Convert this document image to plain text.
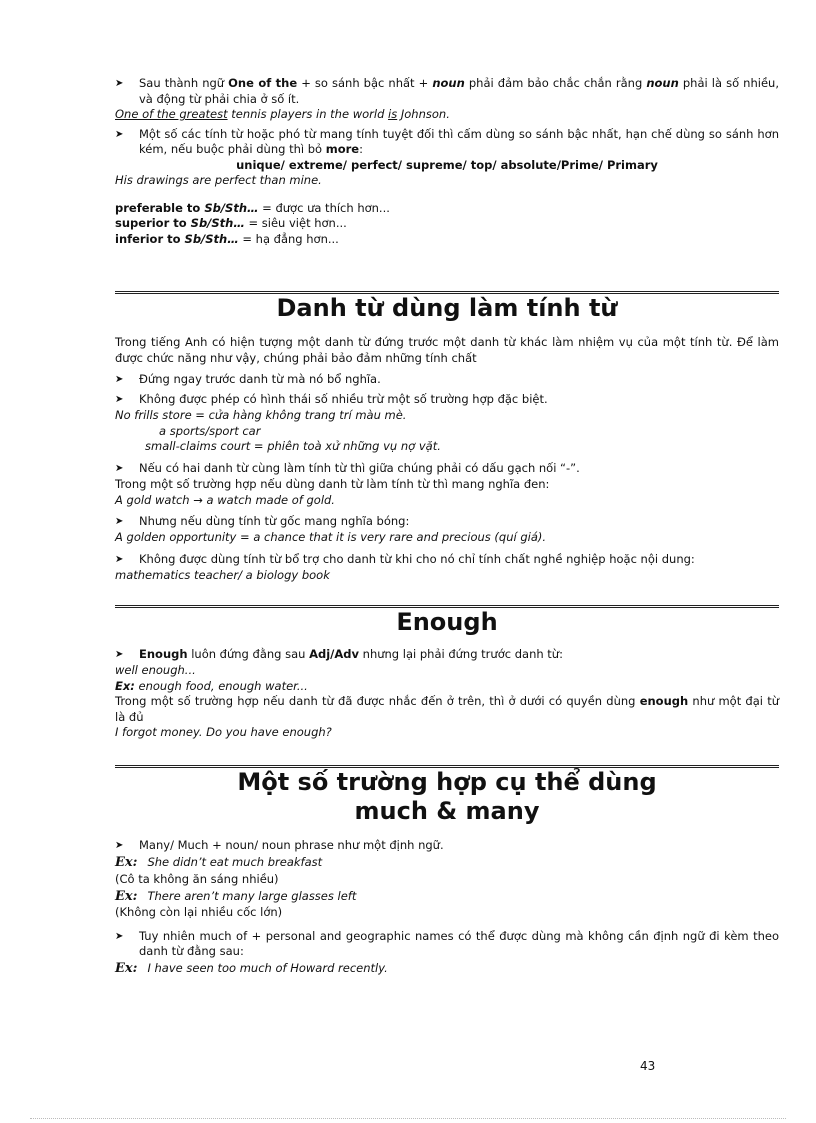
➤	Sau thành ngữ One of the + so sánh bậc nhất + noun phải đảm bảo chắc chắn rằng noun phải là số nhiều, và động từ phải chia ở số ít.

One of the greatest tennis players in the world is Johnson.

➤	Một số các tính từ hoặc phó từ mang tính tuyệt đối thì cấm dùng so sánh bậc nhất, hạn chế dùng so sánh hơn kém, nếu buộc phải dùng thì bỏ more:

unique/ extreme/ perfect/ supreme/ top/ absolute/Prime/ Primary

His drawings are perfect than mine.

preferable to Sb/Sth… = được ưa thích hơn...

superior to Sb/Sth… = siêu việt hơn...

inferior to Sb/Sth… = hạ đẳng hơn...

Danh từ dùng làm tính từ

Trong tiếng Anh có hiện tượng một danh từ đứng trước một danh từ khác làm nhiệm vụ của một tính từ. Để làm được chức năng như vậy, chúng phải bảo đảm những tính chất

➤	Đứng ngay trước danh từ mà nó bổ nghĩa.
➤	Không được phép có hình thái số nhiều trừ một số trường hợp đặc biệt.

No frills store = cửa hàng không trang trí màu mè.

a sports/sport car

small-claims court = phiên toà xử những vụ nợ vặt.

➤	Nếu có hai danh từ cùng làm tính từ thì giữa chúng phải có dấu gạch nối “-”.

Trong một số trường hợp nếu dùng danh từ làm tính từ thì mang nghĩa đen:

A gold watch → a watch made of gold.

➤	Nhưng nếu dùng tính từ gốc mang nghĩa bóng:

A golden opportunity = a chance that it is very rare and precious (quí giá).

➤	Không được dùng tính từ bổ trợ cho danh từ khi cho nó chỉ tính chất nghề nghiệp hoặc nội dung:

mathematics teacher/ a biology book

Enough
➤	Enough luôn đứng đằng sau Adj/Adv nhưng lại phải đứng trước danh từ:

well enough...

Ex: enough food, enough water...

Trong một số trường hợp nếu danh từ đã được nhắc đến ở trên, thì ở dưới có quyền dùng enough như một đại từ là đủ

I forgot money. Do you have enough?

Một số trường hợp cụ thể dùng
much & many
➤	Many/ Much + noun/ noun phrase như một định ngữ.

Ex: She didn’t eat much breakfast

(Cô ta không ăn sáng nhiều)

Ex: There aren’t many large glasses left

(Không còn lại nhiều cốc lớn)

➤	Tuy nhiên much of + personal and geographic names có thể được dùng mà không cần định ngữ đi kèm theo danh từ đằng sau:

Ex: I have seen too much of Howard recently.

43
